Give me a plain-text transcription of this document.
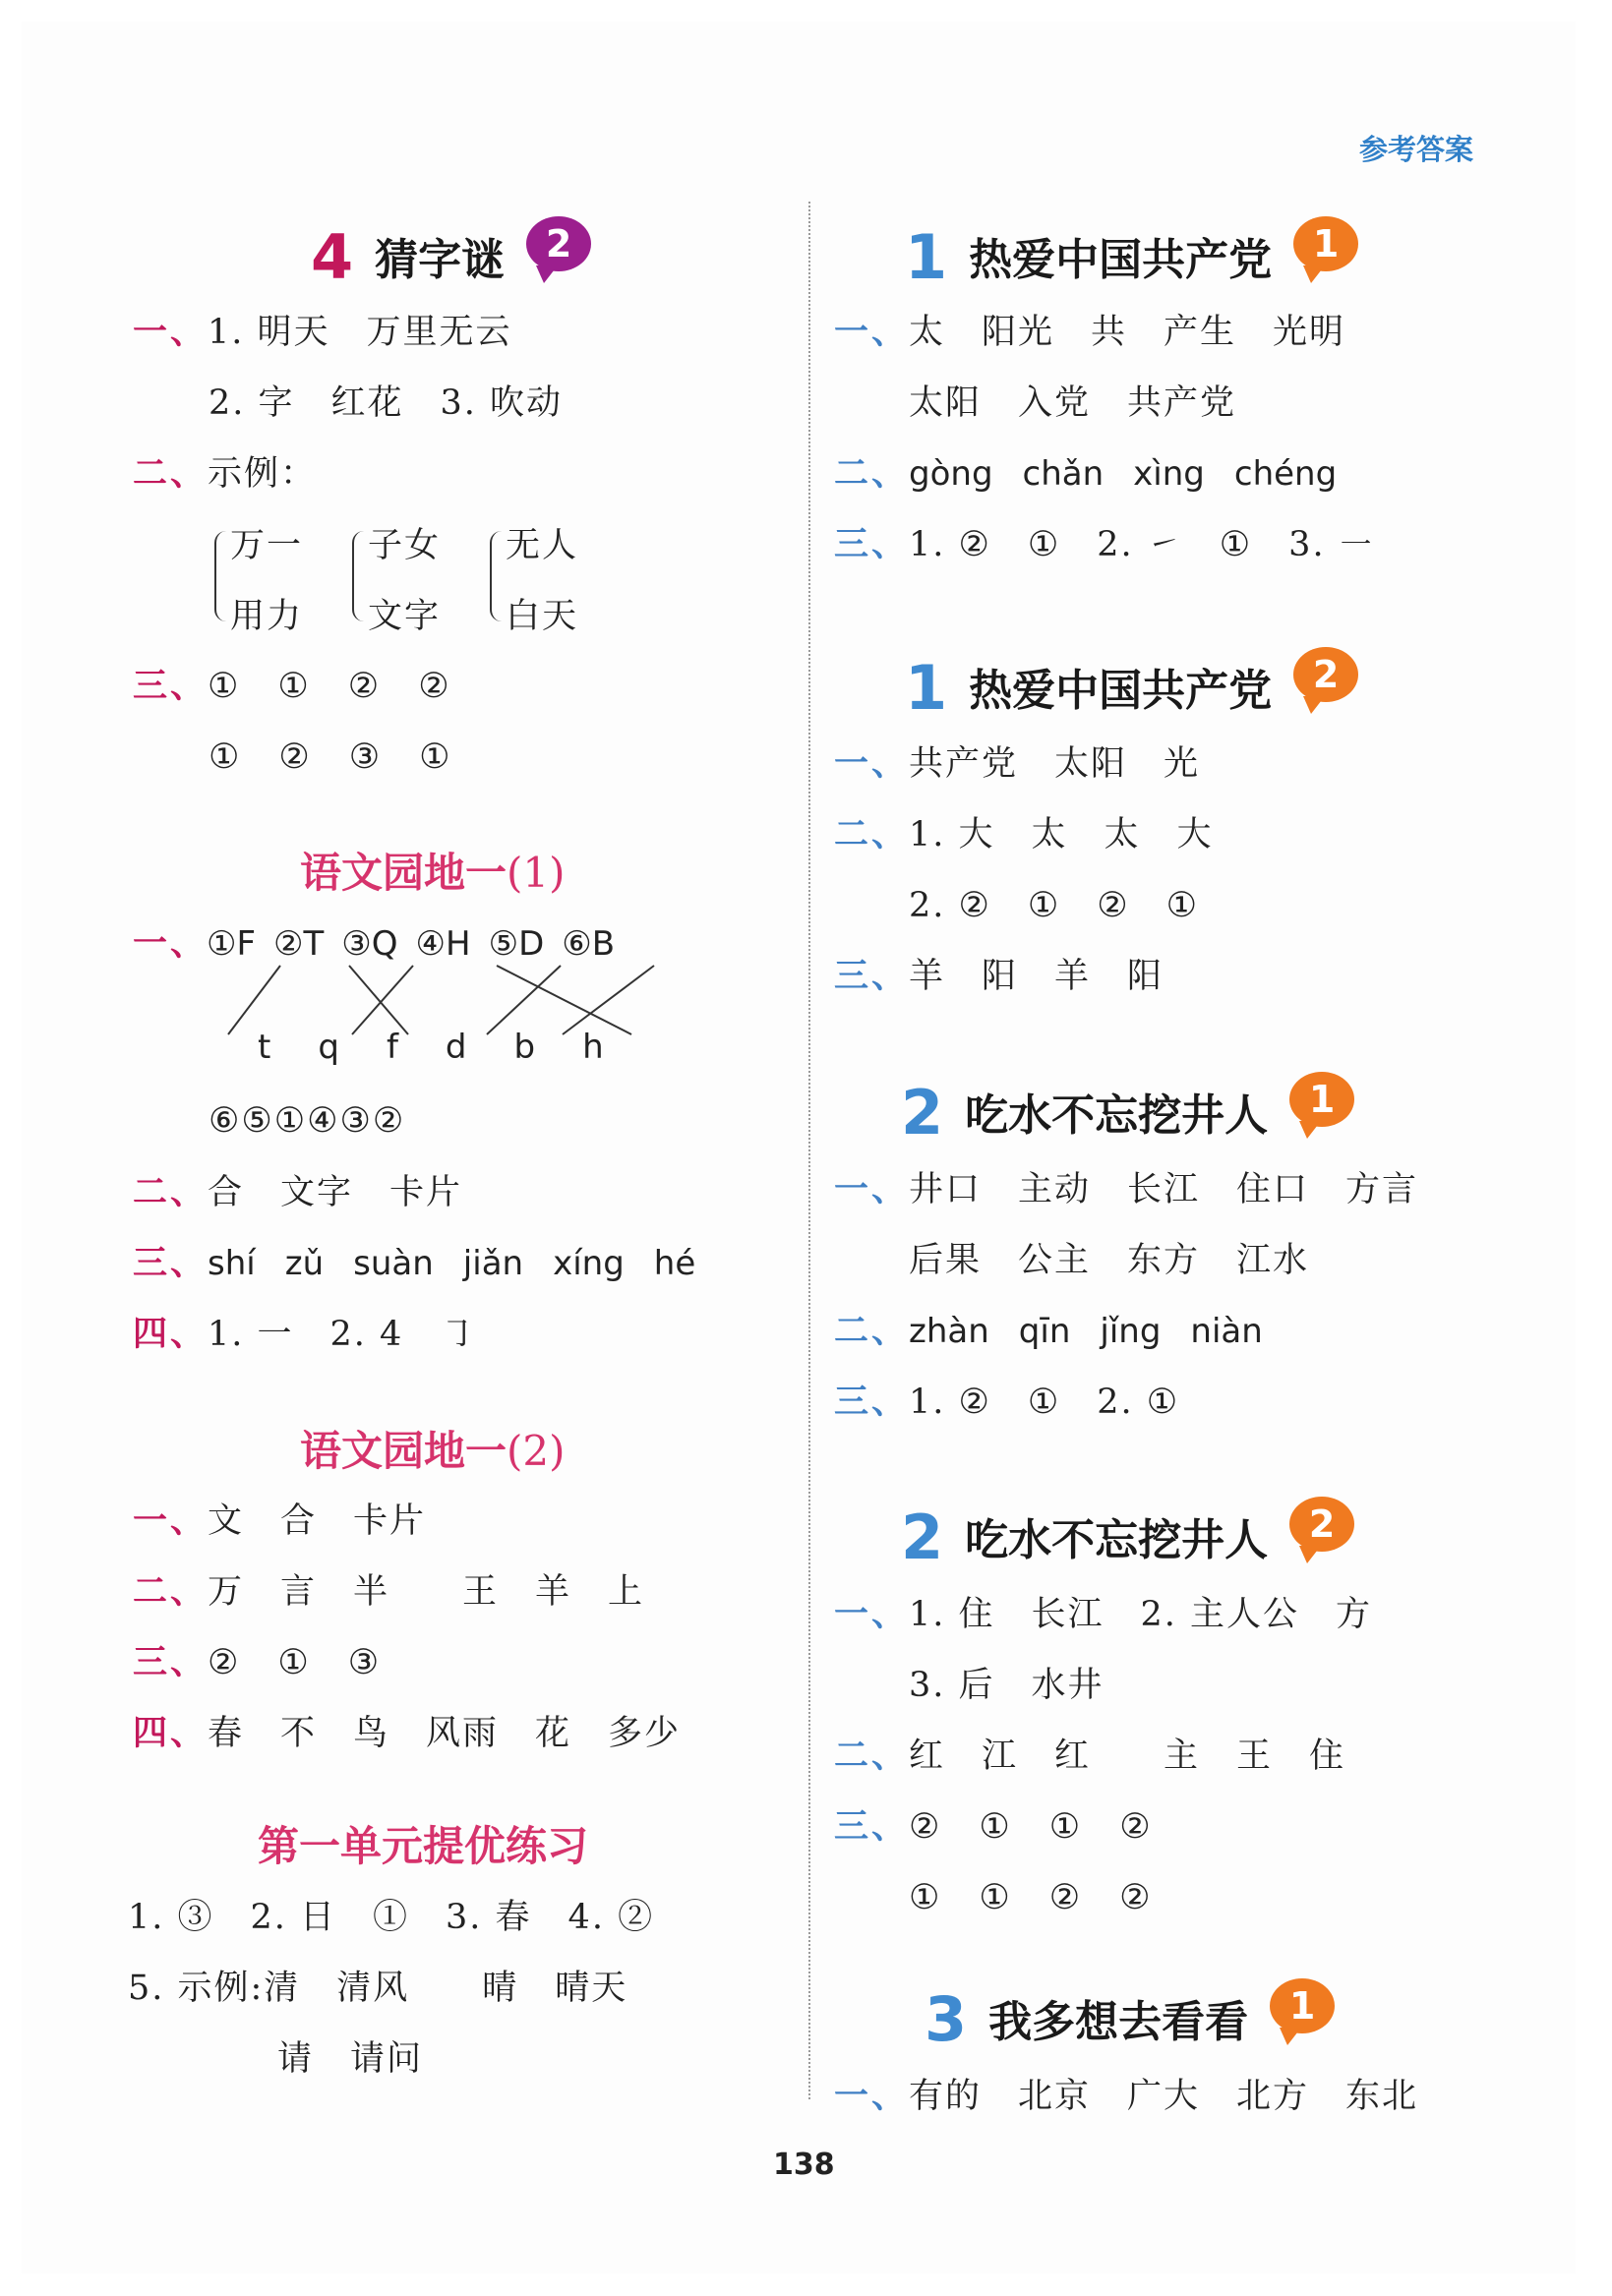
参考答案
4 猜字谜 2
一、1. 明天　万里无云
2. 字　红花　3. 吹动
二、示例：
万一
用力
子女
文字
无人
白天
三、① ① ② ②
① ② ③ ①
语文园地一(1)
一、
①F ②T ③Q ④H ⑤D ⑥B
t q f d b h
⑥⑤①④③②
二、合　文字　卡片
三、shí zǔ suàn jiǎn xíng hé
四、1. 一　2. 4　㇆
语文园地一(2)
一、文　合　卡片
二、万　言　半　　王　羊　上
三、② ① ③
四、春　不　鸟　风雨　花　多少
第一单元提优练习
1. ③　2. ⽇　①　3. 春　4. ②
5. 示例:清　清风　　晴　晴天
请　请问
1 热爱中国共产党 1
一、太　阳光　共　产生　光明
太阳　入党　共产党
二、gòng chǎn xìng chéng
三、1. ②　①　2. ㇀　①　3. ㇐
1 热爱中国共产党 2
一、共产党　太阳　光
二、1. 大　太　太　大
2. ②　①　②　①
三、羊　阳　羊　阳
2 吃水不忘挖井人 1
一、井口　主动　长江　住口　方言
后果　公主　东方　江水
二、zhàn qīn jǐng niàn
三、1. ②　①　2. ①
2 吃水不忘挖井人 2
一、1. 住　长江　2. 主人公　方
3. 后　水井
二、红　江　红　　主　王　住
三、② ① ① ②
① ① ② ②
3 我多想去看看 1
一、有的　北京　广大　北方　东北
138
